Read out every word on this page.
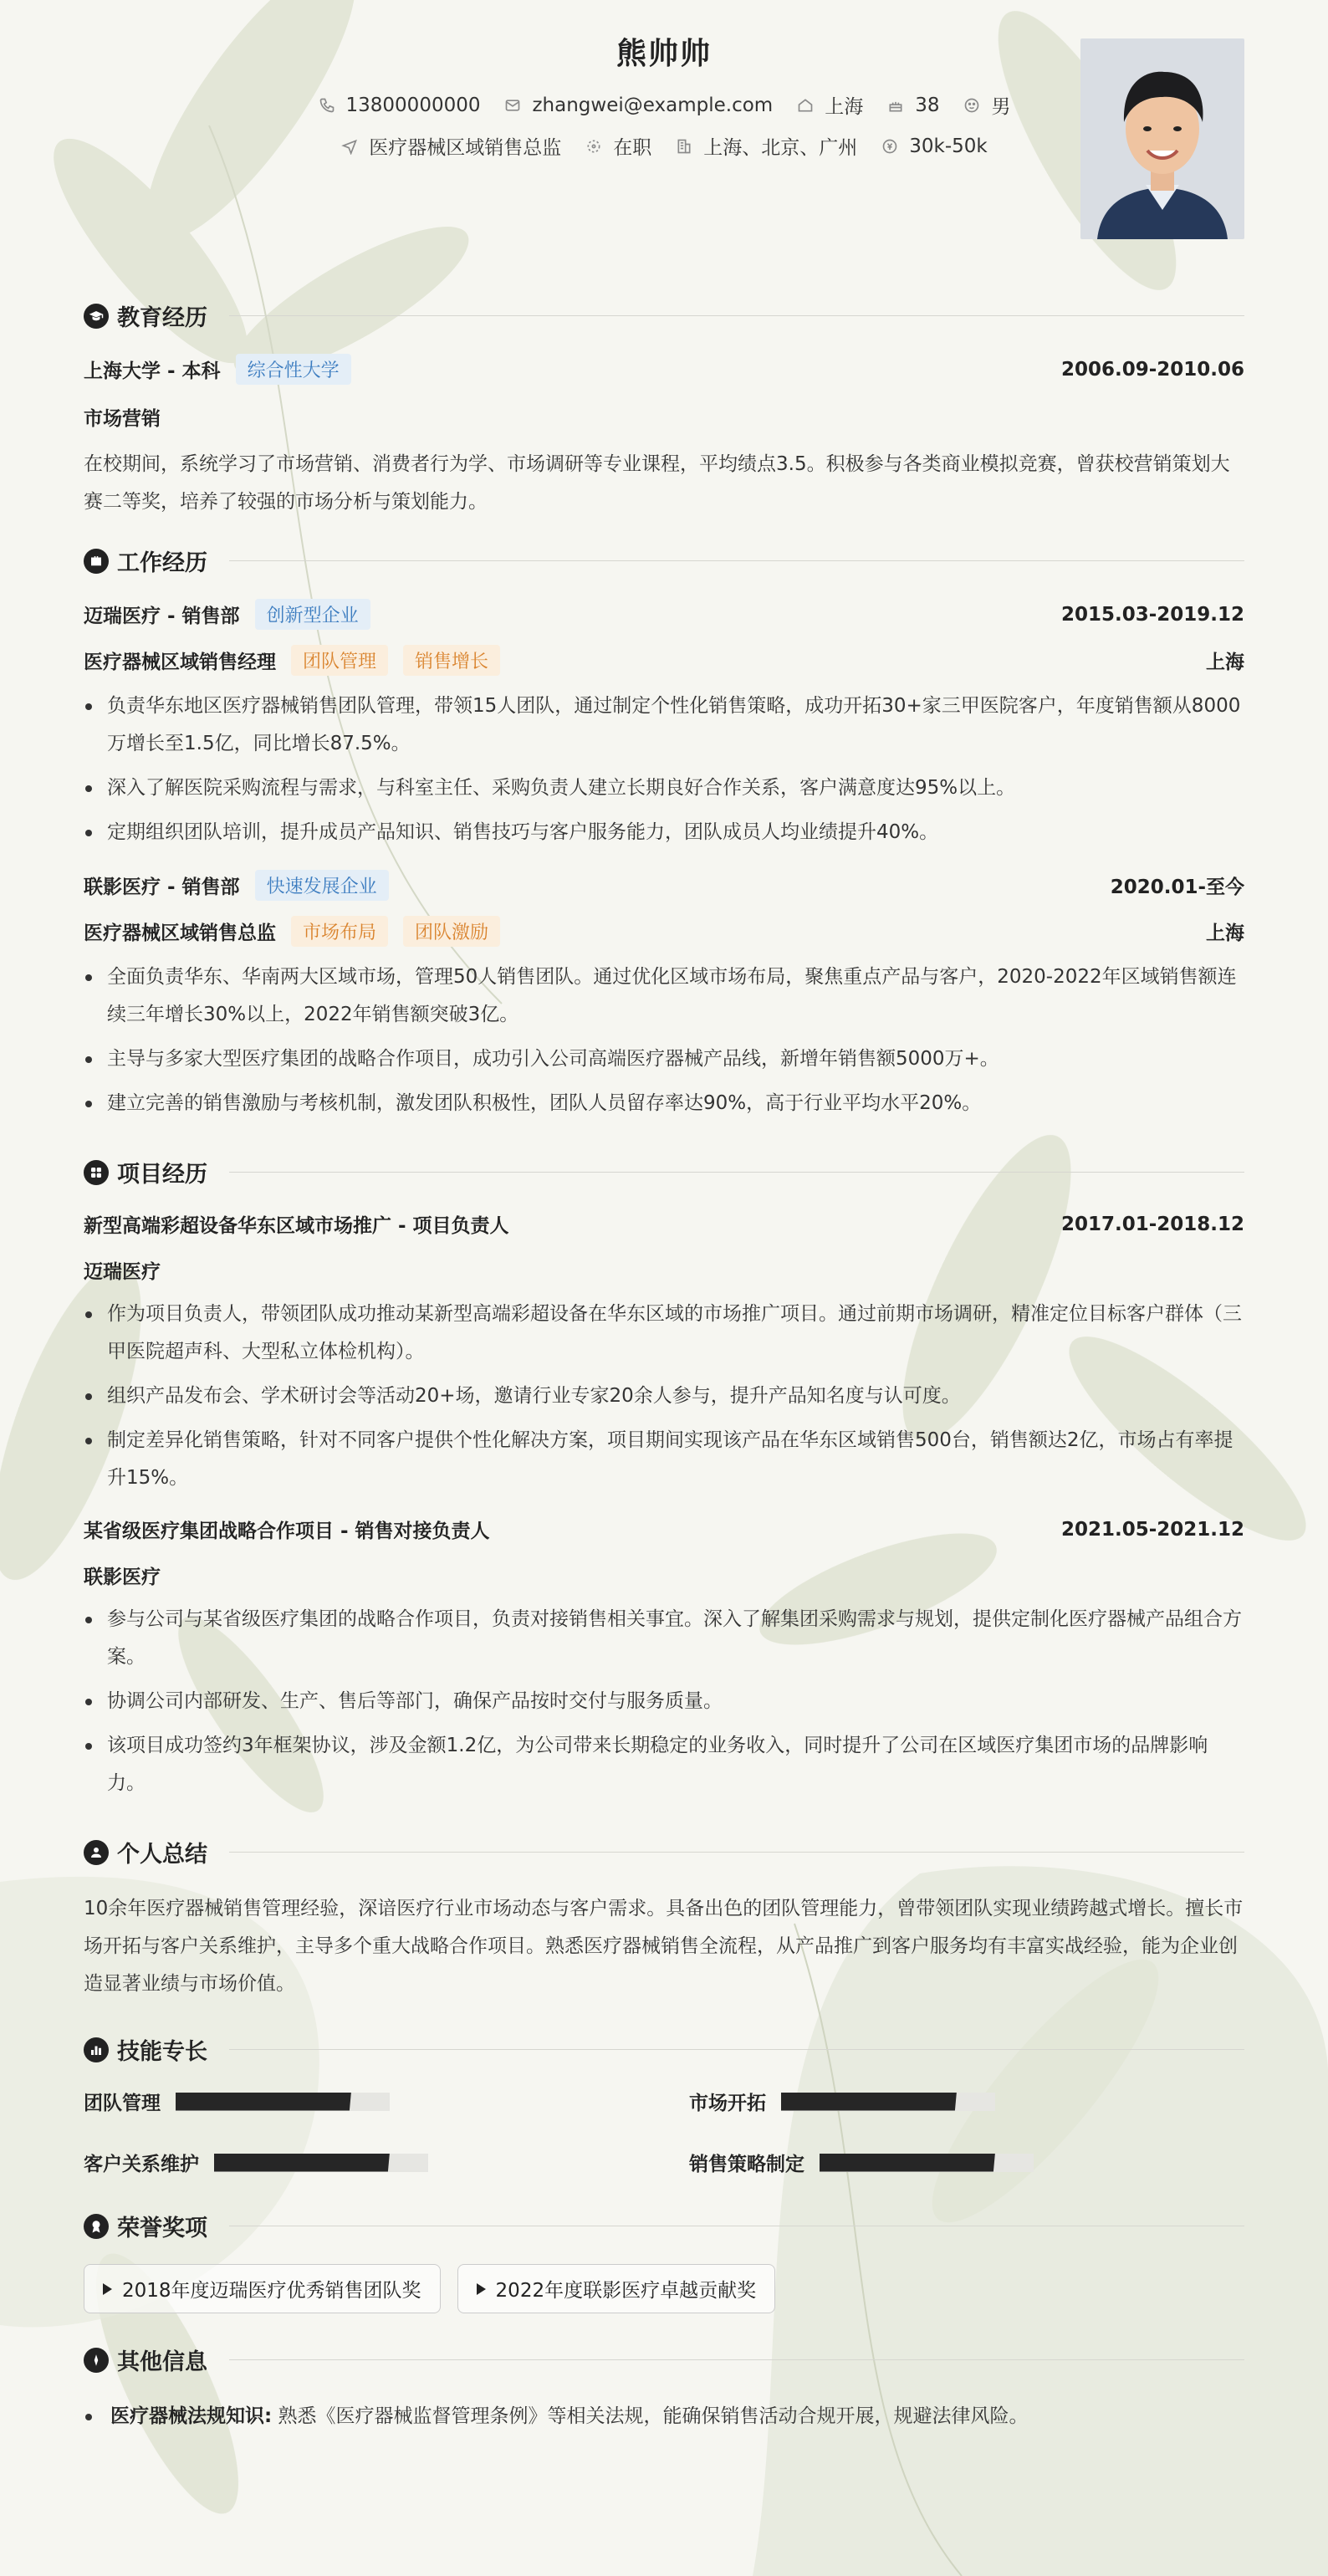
熊帅帅
13800000000	zhangwei@example.com	上海	38	男
医疗器械区域销售总监	在职	上海、北京、广州	30k-50k
教育经历
上海大学 - 本科	综合性大学	2006.09-2010.06
市场营销
在校期间，系统学习了市场营销、消费者行为学、市场调研等专业课程，平均绩点3.5。积极参与各类商业模拟竞赛，曾获校营销策划大赛二等奖，培养了较强的市场分析与策划能力。
工作经历
迈瑞医疗 - 销售部	创新型企业	2015.03-2019.12
医疗器械区域销售经理	团队管理	销售增长	上海
负责华东地区医疗器械销售团队管理，带领15人团队，通过制定个性化销售策略，成功开拓30+家三甲医院客户，年度销售额从8000万增长至1.5亿，同比增长87.5%。
深入了解医院采购流程与需求，与科室主任、采购负责人建立长期良好合作关系，客户满意度达95%以上。
定期组织团队培训，提升成员产品知识、销售技巧与客户服务能力，团队成员人均业绩提升40%。
联影医疗 - 销售部	快速发展企业	2020.01-至今
医疗器械区域销售总监	市场布局	团队激励	上海
全面负责华东、华南两大区域市场，管理50人销售团队。通过优化区域市场布局，聚焦重点产品与客户，2020-2022年区域销售额连续三年增长30%以上，2022年销售额突破3亿。
主导与多家大型医疗集团的战略合作项目，成功引入公司高端医疗器械产品线，新增年销售额5000万+。
建立完善的销售激励与考核机制，激发团队积极性，团队人员留存率达90%，高于行业平均水平20%。
项目经历
新型高端彩超设备华东区域市场推广 - 项目负责人	2017.01-2018.12
迈瑞医疗
作为项目负责人，带领团队成功推动某新型高端彩超设备在华东区域的市场推广项目。通过前期市场调研，精准定位目标客户群体（三甲医院超声科、大型私立体检机构）。
组织产品发布会、学术研讨会等活动20+场，邀请行业专家20余人参与，提升产品知名度与认可度。
制定差异化销售策略，针对不同客户提供个性化解决方案，项目期间实现该产品在华东区域销售500台，销售额达2亿，市场占有率提升15%。
某省级医疗集团战略合作项目 - 销售对接负责人	2021.05-2021.12
联影医疗
参与公司与某省级医疗集团的战略合作项目，负责对接销售相关事宜。深入了解集团采购需求与规划，提供定制化医疗器械产品组合方案。
协调公司内部研发、生产、售后等部门，确保产品按时交付与服务质量。
该项目成功签约3年框架协议，涉及金额1.2亿，为公司带来长期稳定的业务收入，同时提升了公司在区域医疗集团市场的品牌影响力。
个人总结
10余年医疗器械销售管理经验，深谙医疗行业市场动态与客户需求。具备出色的团队管理能力，曾带领团队实现业绩跨越式增长。擅长市场开拓与客户关系维护，主导多个重大战略合作项目。熟悉医疗器械销售全流程，从产品推广到客户服务均有丰富实战经验，能为企业创造显著业绩与市场价值。
技能专长
团队管理	市场开拓
客户关系维护	销售策略制定
荣誉奖项
2018年度迈瑞医疗优秀销售团队奖	2022年度联影医疗卓越贡献奖
其他信息
医疗器械法规知识: 熟悉《医疗器械监督管理条例》等相关法规，能确保销售活动合规开展，规避法律风险。
